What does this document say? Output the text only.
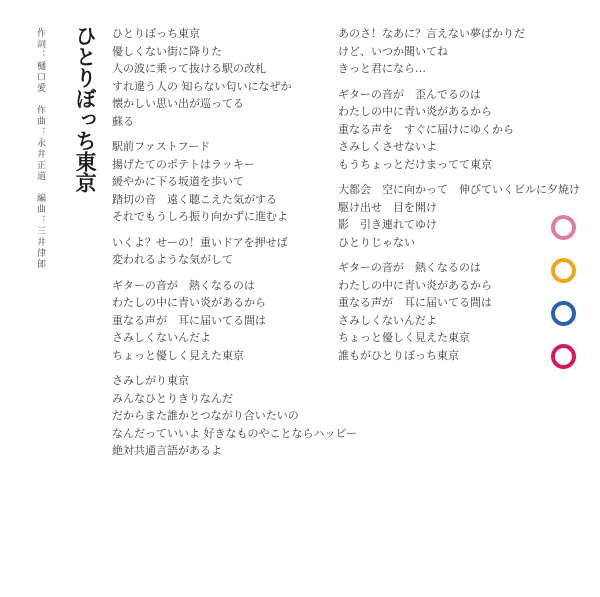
作詞：樋口愛　作曲：永井正道　編曲：三井律郎 ひとりぼっち東京 ひとりぼっち東京
優しくない街に降りた
人の波に乗って抜ける駅の改札
すれ違う人の 知らない匂いになぜか
懐かしい思い出が巡ってる
蘇る
駅前ファストフード
揚げたてのポテトはラッキー
緩やかに下る坂道を歩いて
踏切の音　遠く聴こえた気がする
それでもうしろ振り向かずに進むよ
いくよ？せーの！重いドアを押せば
変われるような気がして
ギターの音が　熱くなるのは
わたしの中に青い炎があるから
重なる声が　耳に届いてる間は
さみしくないんだよ
ちょっと優しく見えた東京
さみしがり東京
みんなひとりきりなんだ
だからまた誰かとつながり合いたいの
なんだっていいよ 好きなものやことならハッピー
絶対共通言語があるよ
あのさ！なあに？言えない夢ばかりだ
けど、いつか聞いてね
きっと君になら…
ギターの音が　歪んでるのは
わたしの中に青い炎があるから
重なる声を　すぐに届けにゆくから
さみしくさせないよ
もうちょっとだけまってて東京
大都会　空に向かって　伸びていくビルに夕焼け
駆け出せ　目を開け
影　引き連れてゆけ
ひとりじゃない
ギターの音が　熱くなるのは
わたしの中に青い炎があるから
重なる声が　耳に届いてる間は
さみしくないんだよ
ちょっと優しく見えた東京
誰もがひとりぼっち東京
